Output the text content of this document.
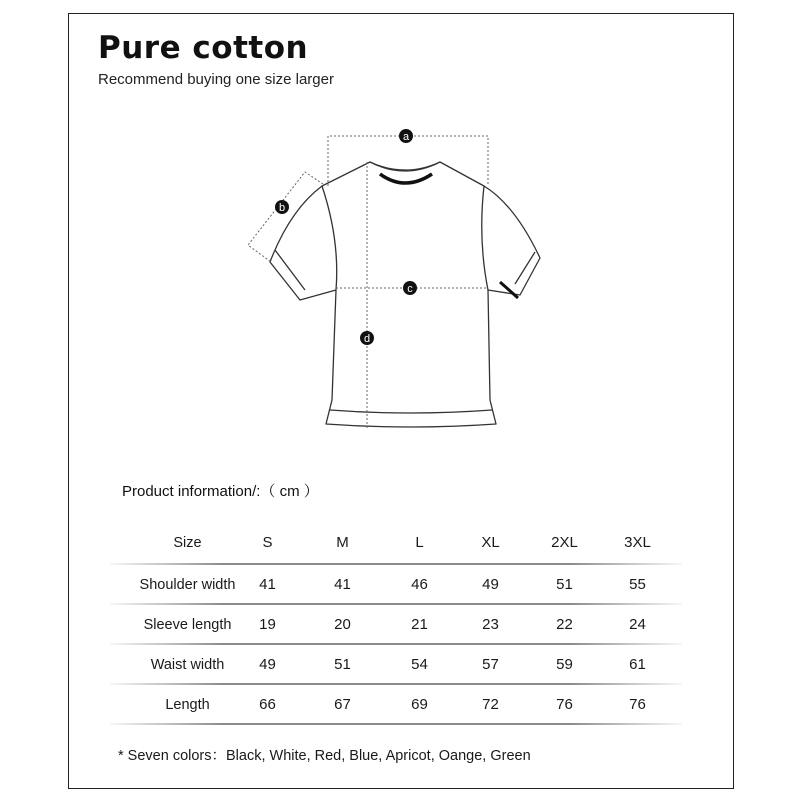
Pure cotton
Recommend buying one size larger
a
b
c
d
Product information/:（ cm ）
Size	S	M	L	XL	2XL	3XL
Shoulder width	41	41	46	49	51	55
Sleeve length	19	20	21	23	22	24
Waist width	49	51	54	57	59	61
Length	66	67	69	72	76	76
* Seven colors：Black, White, Red, Blue, Apricot, Oange, Green
